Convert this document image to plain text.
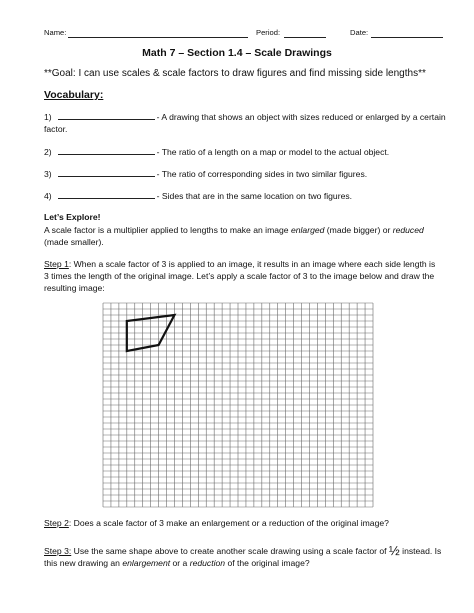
Name:	Period:	Date:
Math 7 – Section 1.4 – Scale Drawings
**Goal: I can use scales & scale factors to draw figures and find missing side lengths**
Vocabulary:
1)	- A drawing that shows an object with sizes reduced or enlarged by a certain
factor.
2)	- The ratio of a length on a map or model to the actual object.
3)	- The ratio of corresponding sides in two similar figures.
4)	- Sides that are in the same location on two figures.
Let’s Explore!
A scale factor is a multiplier applied to lengths to make an image enlarged (made bigger) or reduced
(made smaller).
Step 1: When a scale factor of 3 is applied to an image, it results in an image where each side length is
3 times the length of the original image. Let’s apply a scale factor of 3 to the image below and draw the
resulting image:
Step 2: Does a scale factor of 3 make an enlargement or a reduction of the original image?
Step 3: Use the same shape above to create another scale drawing using a scale factor of ½ instead. Is
this new drawing an enlargement or a reduction of the original image?
